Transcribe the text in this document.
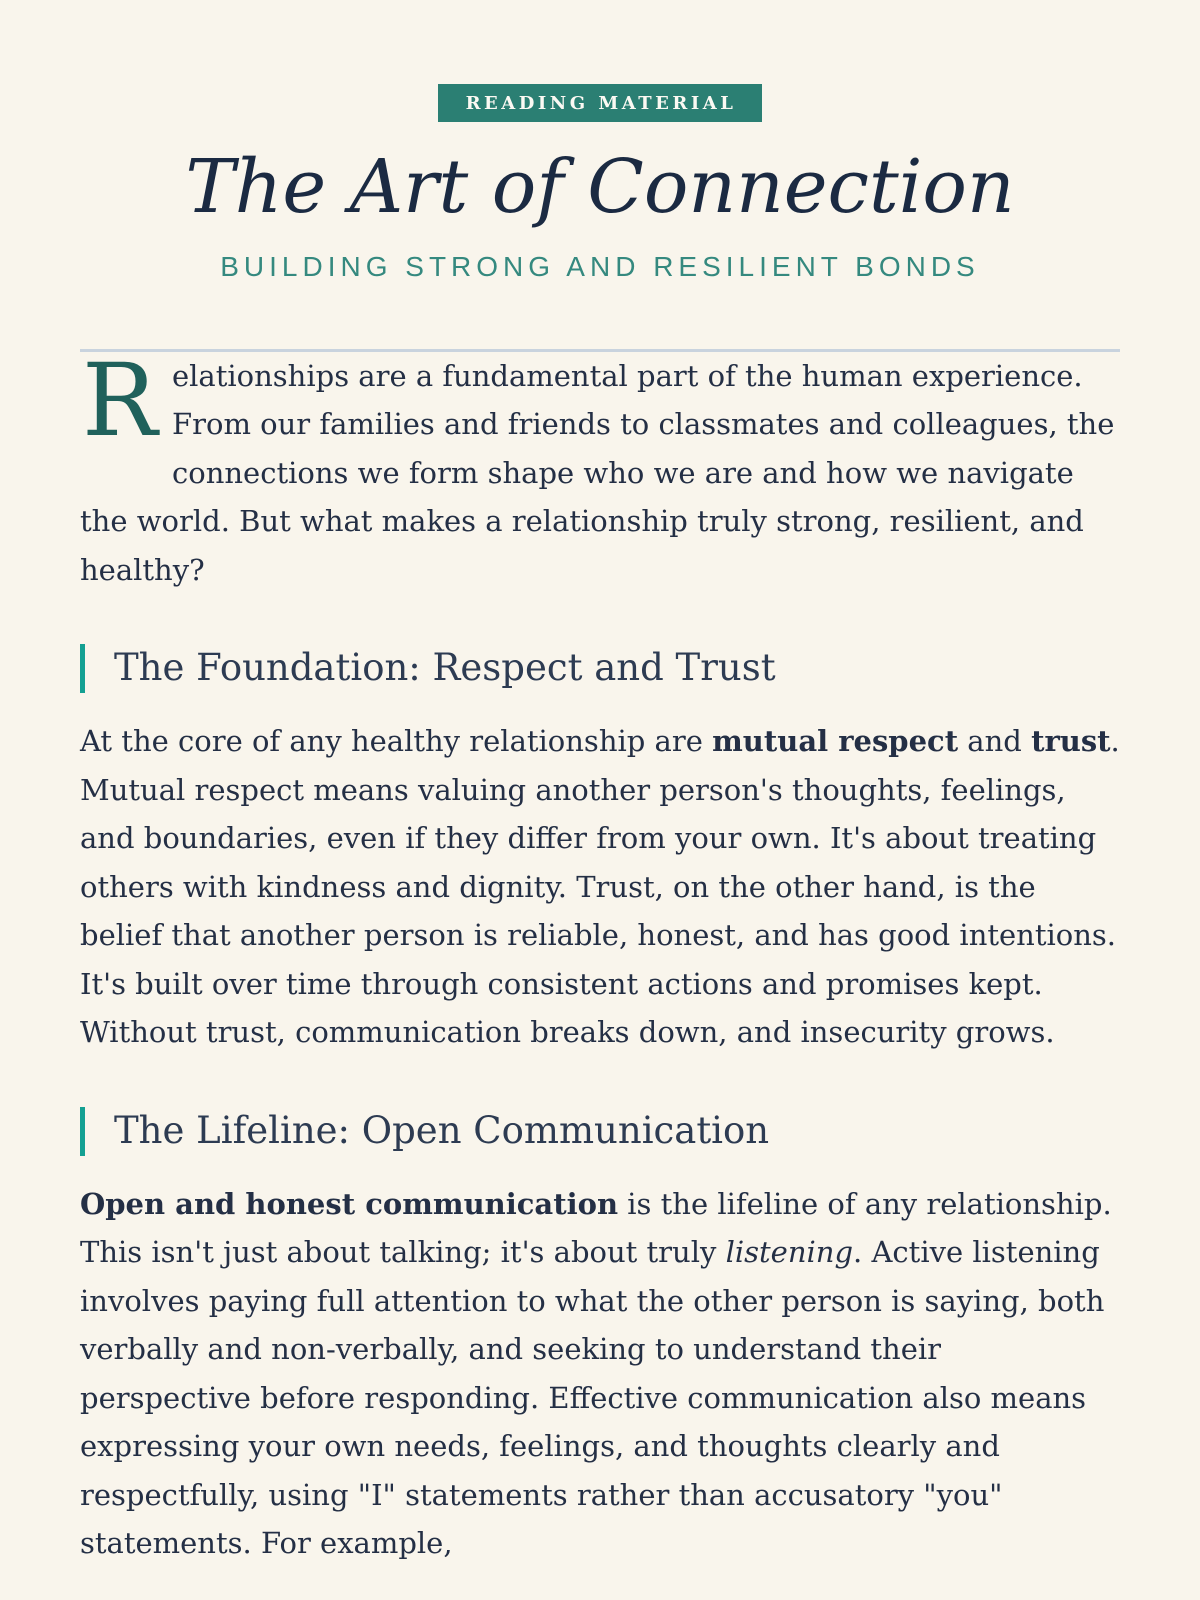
READING MATERIAL
The Art of Connection
BUILDING STRONG AND RESILIENT BONDS

Relationships are a fundamental part of the human experience. From our families and friends to classmates and colleagues, the connections we form shape who we are and how we navigate the world. But what makes a relationship truly strong, resilient, and healthy?

The Foundation: Respect and Trust

At the core of any healthy relationship are mutual respect and trust. Mutual respect means valuing another person's thoughts, feelings, and boundaries, even if they differ from your own. It's about treating others with kindness and dignity. Trust, on the other hand, is the belief that another person is reliable, honest, and has good intentions. It's built over time through consistent actions and promises kept. Without trust, communication breaks down, and insecurity grows.

The Lifeline: Open Communication

Open and honest communication is the lifeline of any relationship. This isn't just about talking; it's about truly listening. Active listening involves paying full attention to what the other person is saying, both verbally and non-verbally, and seeking to understand their perspective before responding. Effective communication also means expressing your own needs, feelings, and thoughts clearly and respectfully, using "I" statements rather than accusatory "you" statements. For example,
